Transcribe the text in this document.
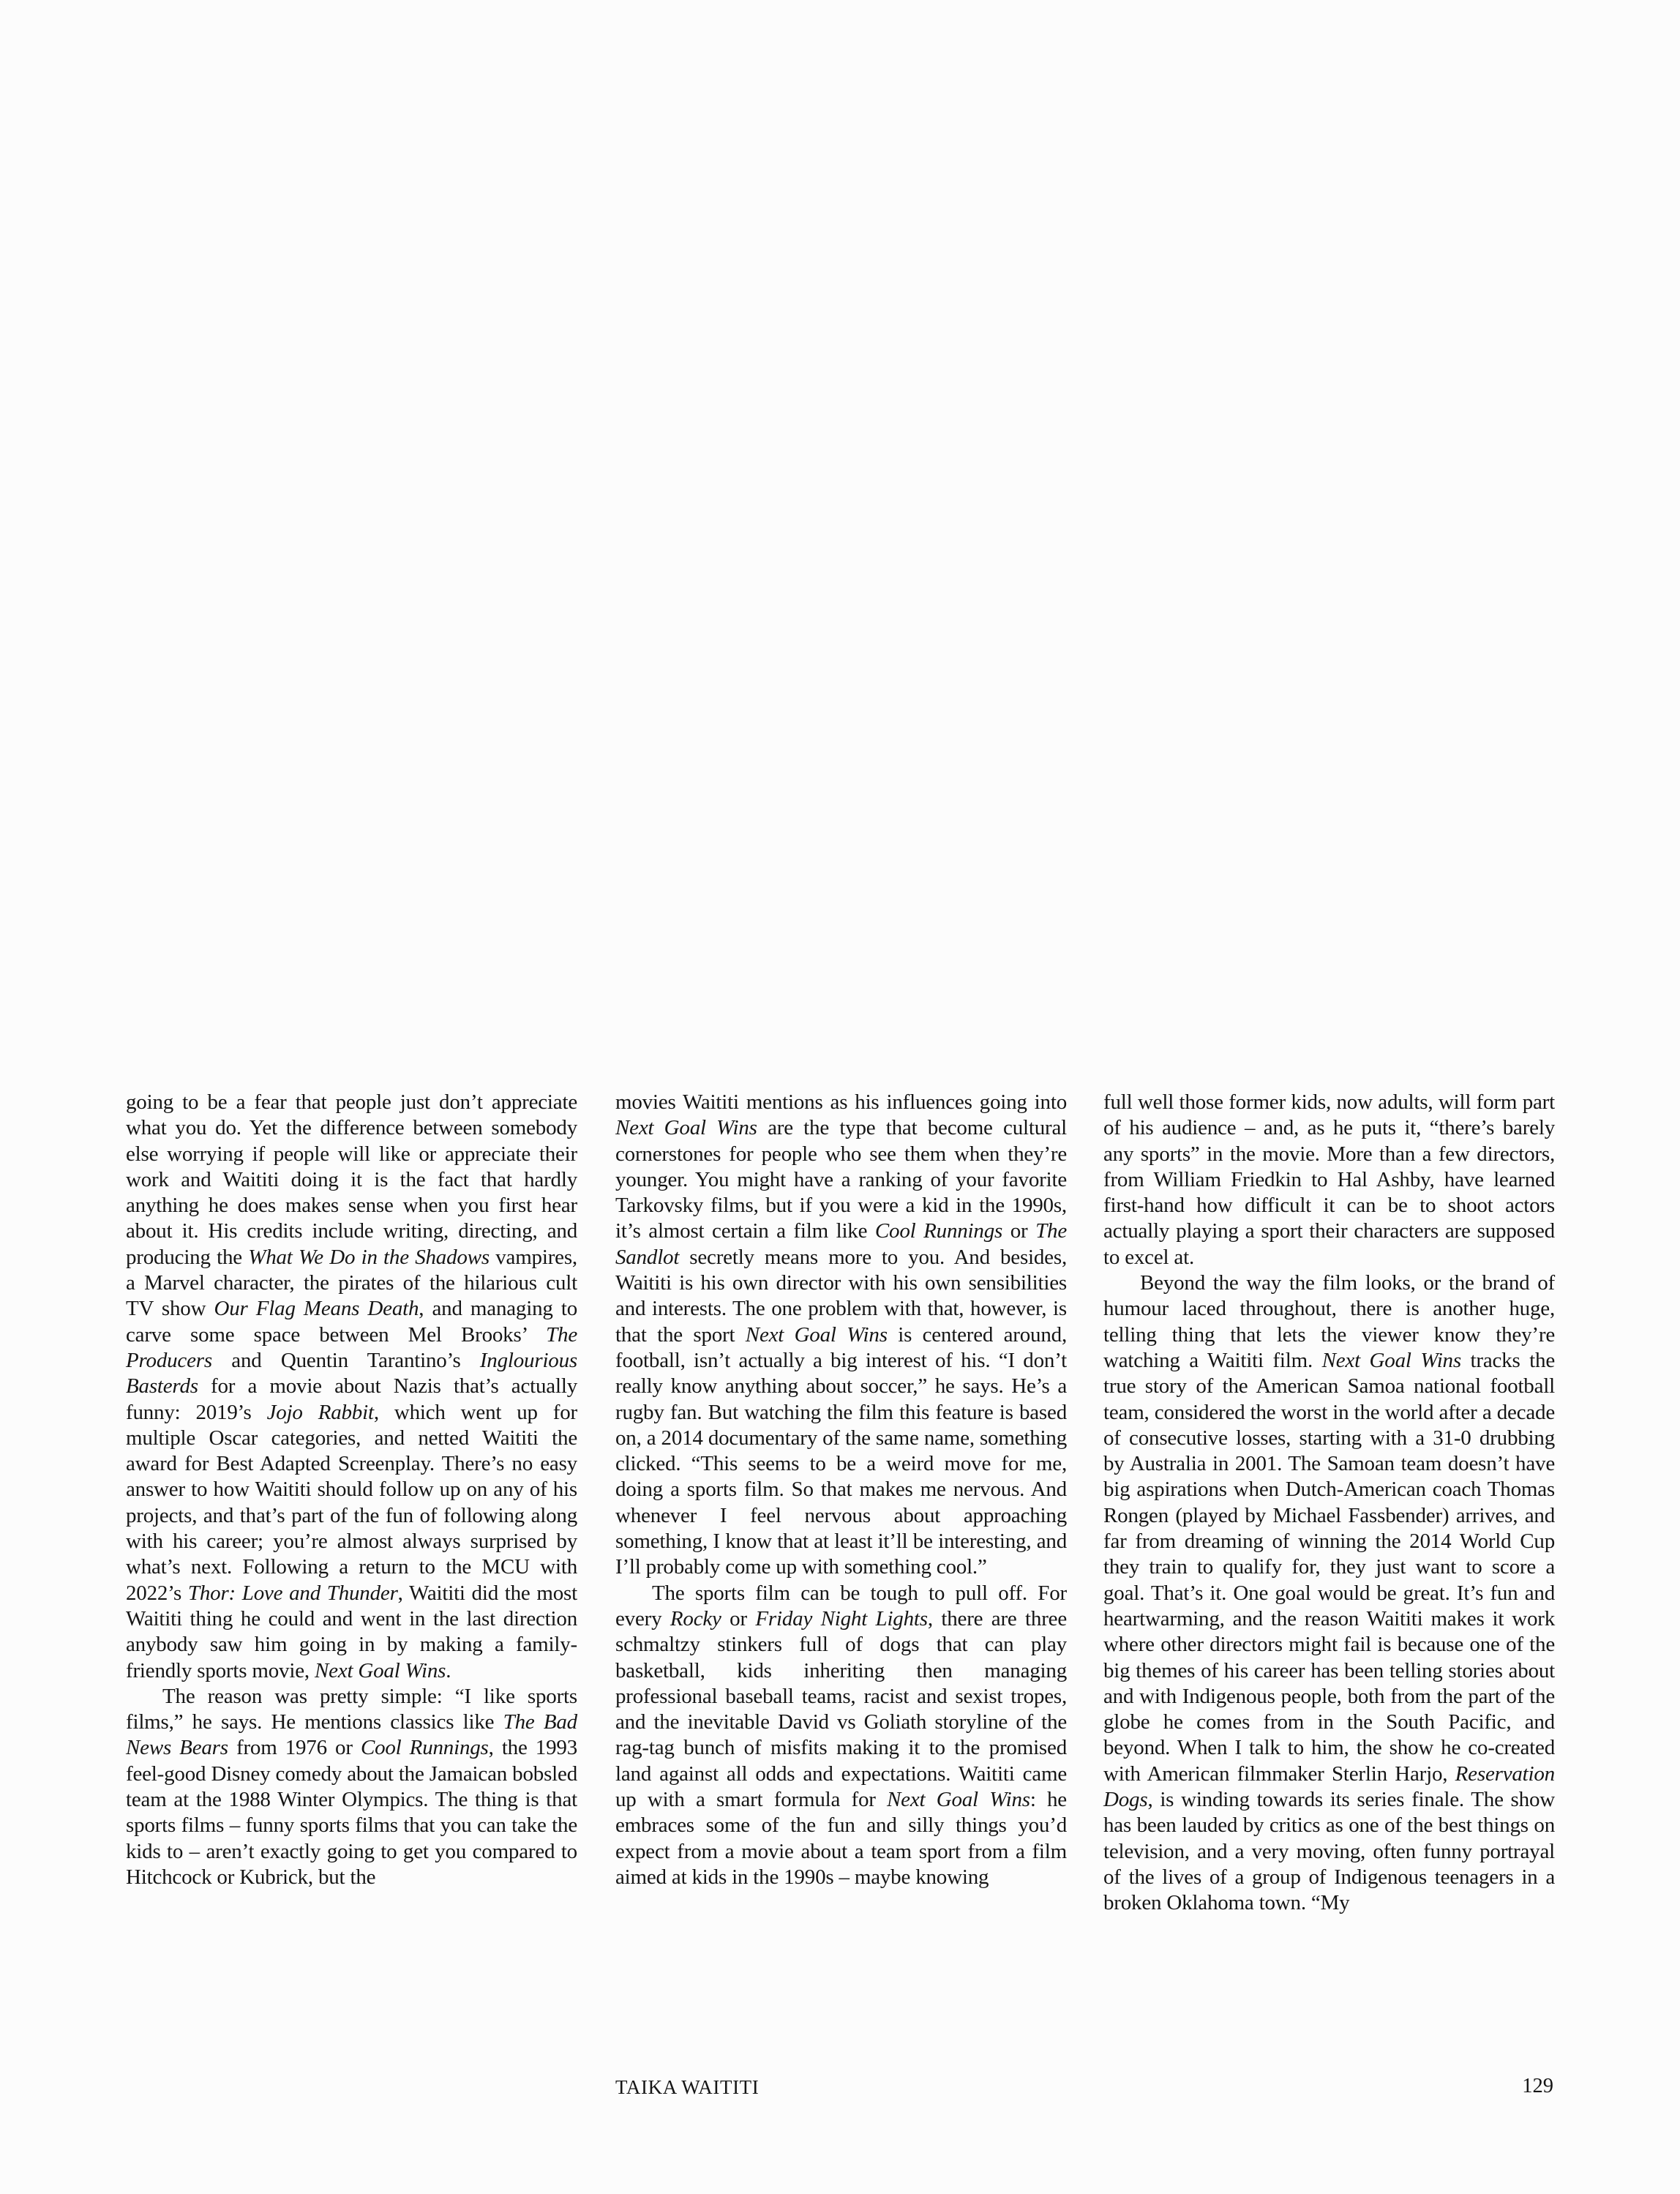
going to be a fear that people just don’t appreciate what you do. Yet the difference between somebody else worrying if people will like or appreciate their work and Waititi doing it is the fact that hardly anything he does makes sense when you first hear about it. His credits include writing, directing, and producing the What We Do in the Shadows vampires, a Marvel character, the pirates of the hilarious cult TV show Our Flag Means Death, and managing to carve some space between Mel Brooks’ The Producers and Quentin Tarantino’s Inglourious Basterds for a movie about Nazis that’s actually funny: 2019’s Jojo Rabbit, which went up for multiple Oscar categories, and netted Waititi the award for Best Adapted Screenplay. There’s no easy answer to how Waititi should follow up on any of his projects, and that’s part of the fun of following along with his career; you’re almost always surprised by what’s next. Following a return to the MCU with 2022’s Thor: Love and Thunder, Waititi did the most Waititi thing he could and went in the last direction anybody saw him going in by making a family-friendly sports movie, Next Goal Wins.

The reason was pretty simple: “I like sports films,” he says. He mentions classics like The Bad News Bears from 1976 or Cool Runnings, the 1993 feel-good Disney comedy about the Jamaican bobsled team at the 1988 Winter Olympics. The thing is that sports films – funny sports films that you can take the kids to – aren’t exactly going to get you compared to Hitchcock or Kubrick, but the

movies Waititi mentions as his influences going into Next Goal Wins are the type that become cultural cornerstones for people who see them when they’re younger. You might have a ranking of your favorite Tarkovsky films, but if you were a kid in the 1990s, it’s almost certain a film like Cool Runnings or The Sandlot secretly means more to you. And besides, Waititi is his own director with his own sensibilities and interests. The one problem with that, however, is that the sport Next Goal Wins is centered around, football, isn’t actually a big interest of his. “I don’t really know anything about soccer,” he says. He’s a rugby fan. But watching the film this feature is based on, a 2014 documentary of the same name, something clicked. “This seems to be a weird move for me, doing a sports film. So that makes me nervous. And whenever I feel nervous about approaching something, I know that at least it’ll be interesting, and I’ll probably come up with something cool.”

The sports film can be tough to pull off. For every Rocky or Friday Night Lights, there are three schmaltzy stinkers full of dogs that can play basketball, kids inheriting then managing professional baseball teams, racist and sexist tropes, and the inevitable David vs Goliath storyline of the rag-tag bunch of misfits making it to the promised land against all odds and expectations. Waititi came up with a smart formula for Next Goal Wins: he embraces some of the fun and silly things you’d expect from a movie about a team sport from a film aimed at kids in the 1990s – maybe knowing

full well those former kids, now adults, will form part of his audience – and, as he puts it, “there’s barely any sports” in the movie. More than a few directors, from William Friedkin to Hal Ashby, have learned first-hand how difficult it can be to shoot actors actually playing a sport their characters are supposed to excel at.

Beyond the way the film looks, or the brand of humour laced throughout, there is another huge, telling thing that lets the viewer know they’re watching a Waititi film. Next Goal Wins tracks the true story of the American Samoa national football team, considered the worst in the world after a decade of consecutive losses, starting with a 31-0 drubbing by Australia in 2001. The Samoan team doesn’t have big aspirations when Dutch-American coach Thomas Rongen (played by Michael Fassbender) arrives, and far from dreaming of winning the 2014 World Cup they train to qualify for, they just want to score a goal. That’s it. One goal would be great. It’s fun and heartwarming, and the reason Waititi makes it work where other directors might fail is because one of the big themes of his career has been telling stories about and with Indigenous people, both from the part of the globe he comes from in the South Pacific, and beyond. When I talk to him, the show he co-created with American filmmaker Sterlin Harjo, Reservation Dogs, is winding towards its series finale. The show has been lauded by critics as one of the best things on television, and a very moving, often funny portrayal of the lives of a group of Indigenous teenagers in a broken Oklahoma town. “My

TAIKA WAITITI	129
